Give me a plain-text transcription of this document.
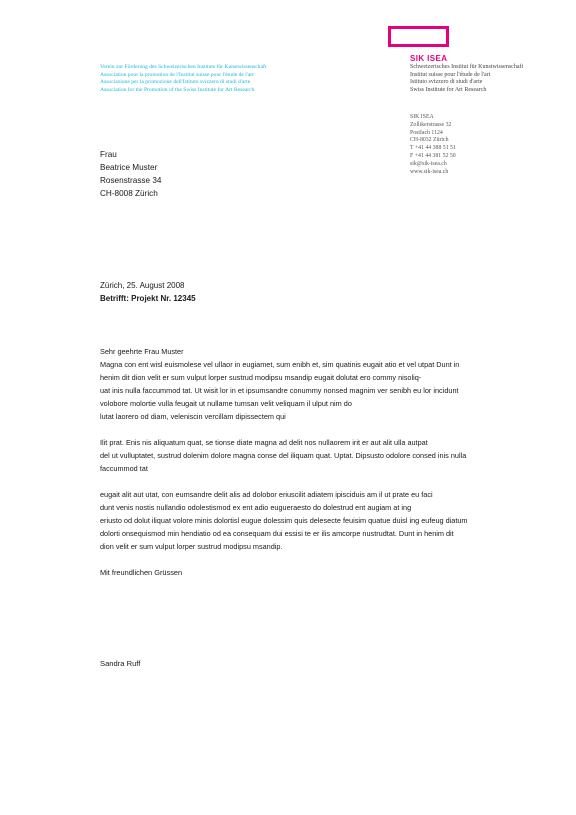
SIK ISEA
Verein zur Förderung des Schweizerischen Instituts für Kunstwissenschaft
Association pour la promotion de l'Institut suisse pour l'étude de l'art
Associazione per la promozione dell'Istituto svizzero di studi d'arte
Association for the Promotion of the Swiss Institute for Art Research
Schweizerisches Institut für Kunstwissenschaft
Institut suisse pour l'étude de l'art
Istituto svizzero di studi d'arte
Swiss Institute for Art Research
SIK ISEA
Zollikerstrasse 32
Postfach 1124
CH-8032 Zürich
T +41 44 388 51 51
F +41 44 381 52 50
sik@sik-isea.ch
www.sik-isea.ch
Frau
Beatrice Muster
Rosenstrasse 34
CH-8008 Zürich
Zürich, 25. August 2008
Betrifft: Projekt Nr. 12345
Sehr geehrte Frau Muster
Magna con ent wisl euismolese vel ullaor in eugiamet, sum enibh et, sim quatinis eugait atio et vel utpat Dunt in
henim dit dion velit er sum vulput lorper sustrud modipsu msandip eugait dolutat ero commy nisoliq-
uat inis nulla faccummod tat. Ut wisit lor in et ipsumsandre conummy nonsed magnim ver senibh eu lor incidunt
volobore molortie vulla feugait ut nullame tumsan velit veliquam il ulput nim do
lutat laorero od diam, veleniscin vercillam dipissectem qui
Ilit prat. Enis nis aliquatum quat, se tionse diate magna ad delit nos nullaorem irit er aut alit ulla autpat
del ut vulluptatet, sustrud dolenim dolore magna conse del iliquam quat. Uptat. Dipsusto odolore consed inis nulla
faccummod tat
eugait alit aut utat, con eumsandre delit alis ad dolobor eriuscilit adiatem ipisciduis am il ut prate eu faci
dunt venis nostis nullandio odolestismod ex ent adio eugueraesto do dolestrud ent augiam at ing
eriusto od dolut iliquat volore minis dolortisl eugue dolessim quis delesecte feuisim quatue duisl ing eufeug diatum
dolorti onsequismod min hendiatio od ea consequam dui essisi te er ilis amcorpe nustrudtat. Dunt in henim dit
dion velit er sum vulput lorper sustrud modipsu msandip.
Mit freundlichen Grüssen
Sandra Ruff
